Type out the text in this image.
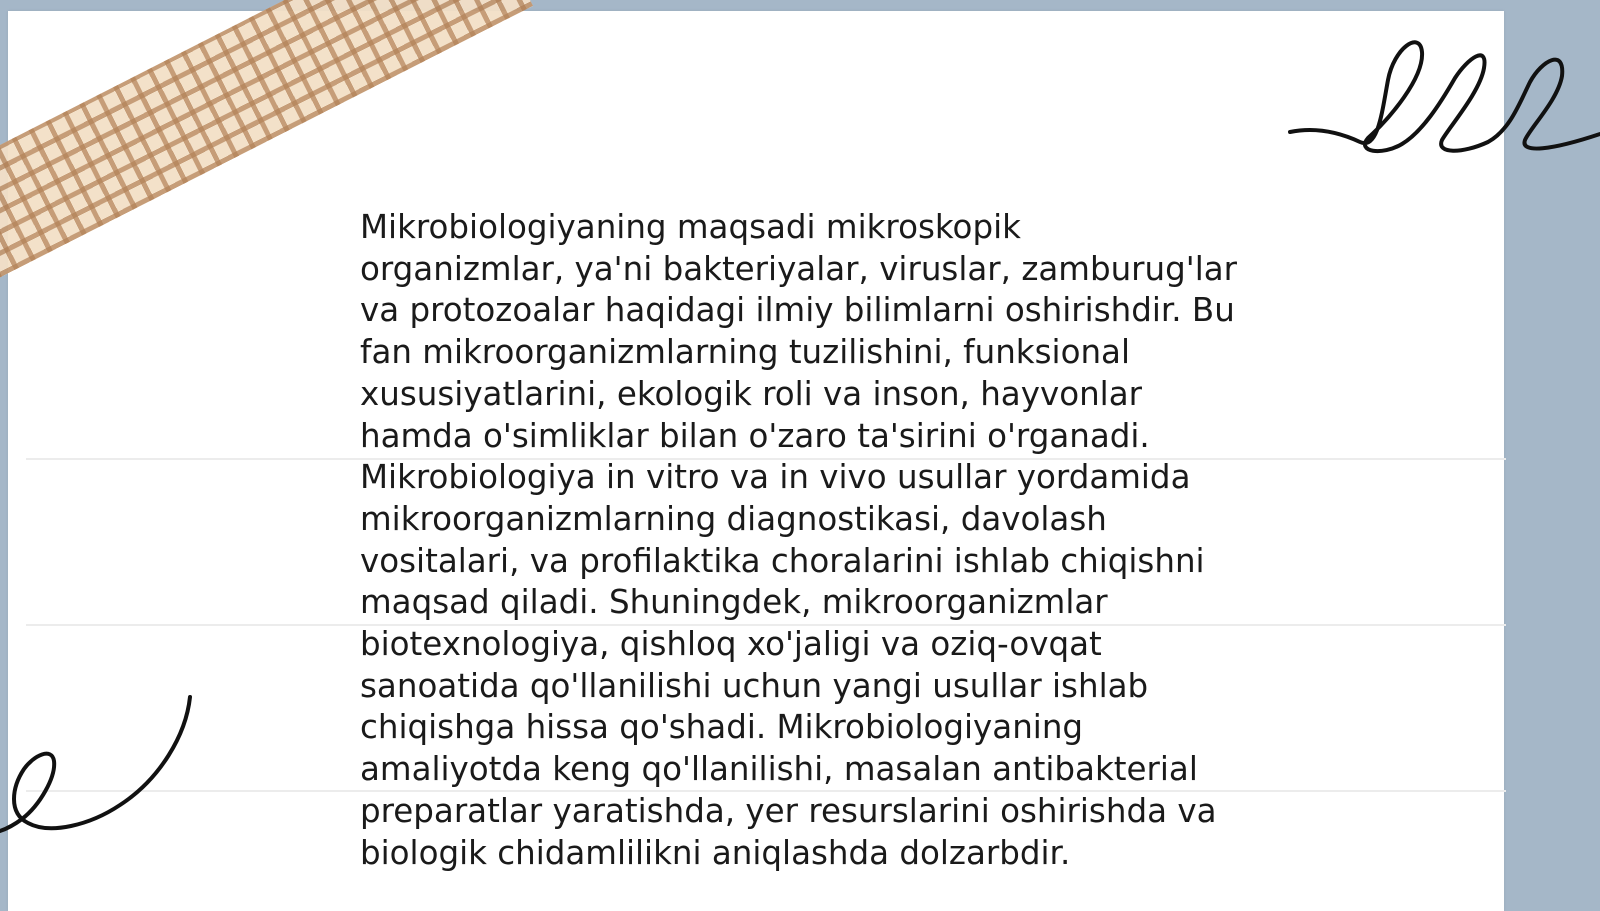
Mikrobiologiyaning maqsadi mikroskopik
organizmlar, ya'ni bakteriyalar, viruslar, zamburug'lar
va protozoalar haqidagi ilmiy bilimlarni oshirishdir. Bu
fan mikroorganizmlarning tuzilishini, funksional
xususiyatlarini, ekologik roli va inson, hayvonlar
hamda o'simliklar bilan o'zaro ta'sirini o'rganadi.
Mikrobiologiya in vitro va in vivo usullar yordamida
mikroorganizmlarning diagnostikasi, davolash
vositalari, va profilaktika choralarini ishlab chiqishni
maqsad qiladi. Shuningdek, mikroorganizmlar
biotexnologiya, qishloq xo'jaligi va oziq-ovqat
sanoatida qo'llanilishi uchun yangi usullar ishlab
chiqishga hissa qo'shadi. Mikrobiologiyaning
amaliyotda keng qo'llanilishi, masalan antibakterial
preparatlar yaratishda, yer resurslarini oshirishda va
biologik chidamlilikni aniqlashda dolzarbdir.
